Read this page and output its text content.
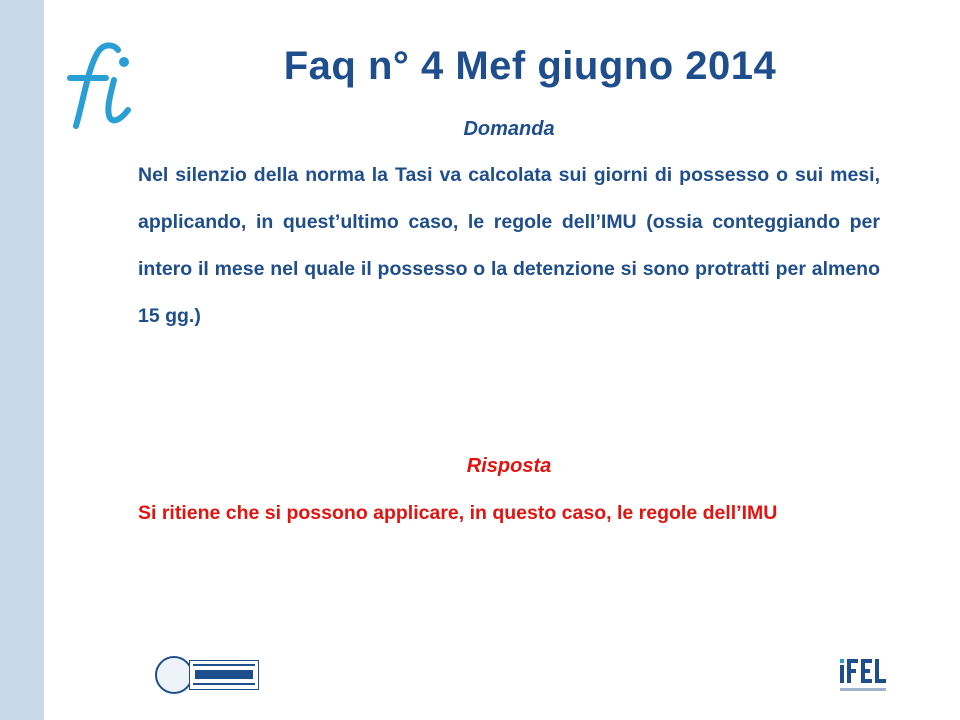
Faq n° 4 Mef giugno 2014
Domanda

Nel silenzio della norma la Tasi va calcolata sui giorni di possesso o sui mesi, applicando, in quest’ultimo caso, le regole dell’IMU (ossia conteggiando per intero il mese nel quale il possesso o la detenzione si sono protratti per almeno 15 gg.)

Risposta

Si ritiene che si possono applicare, in questo caso, le regole dell’IMU
